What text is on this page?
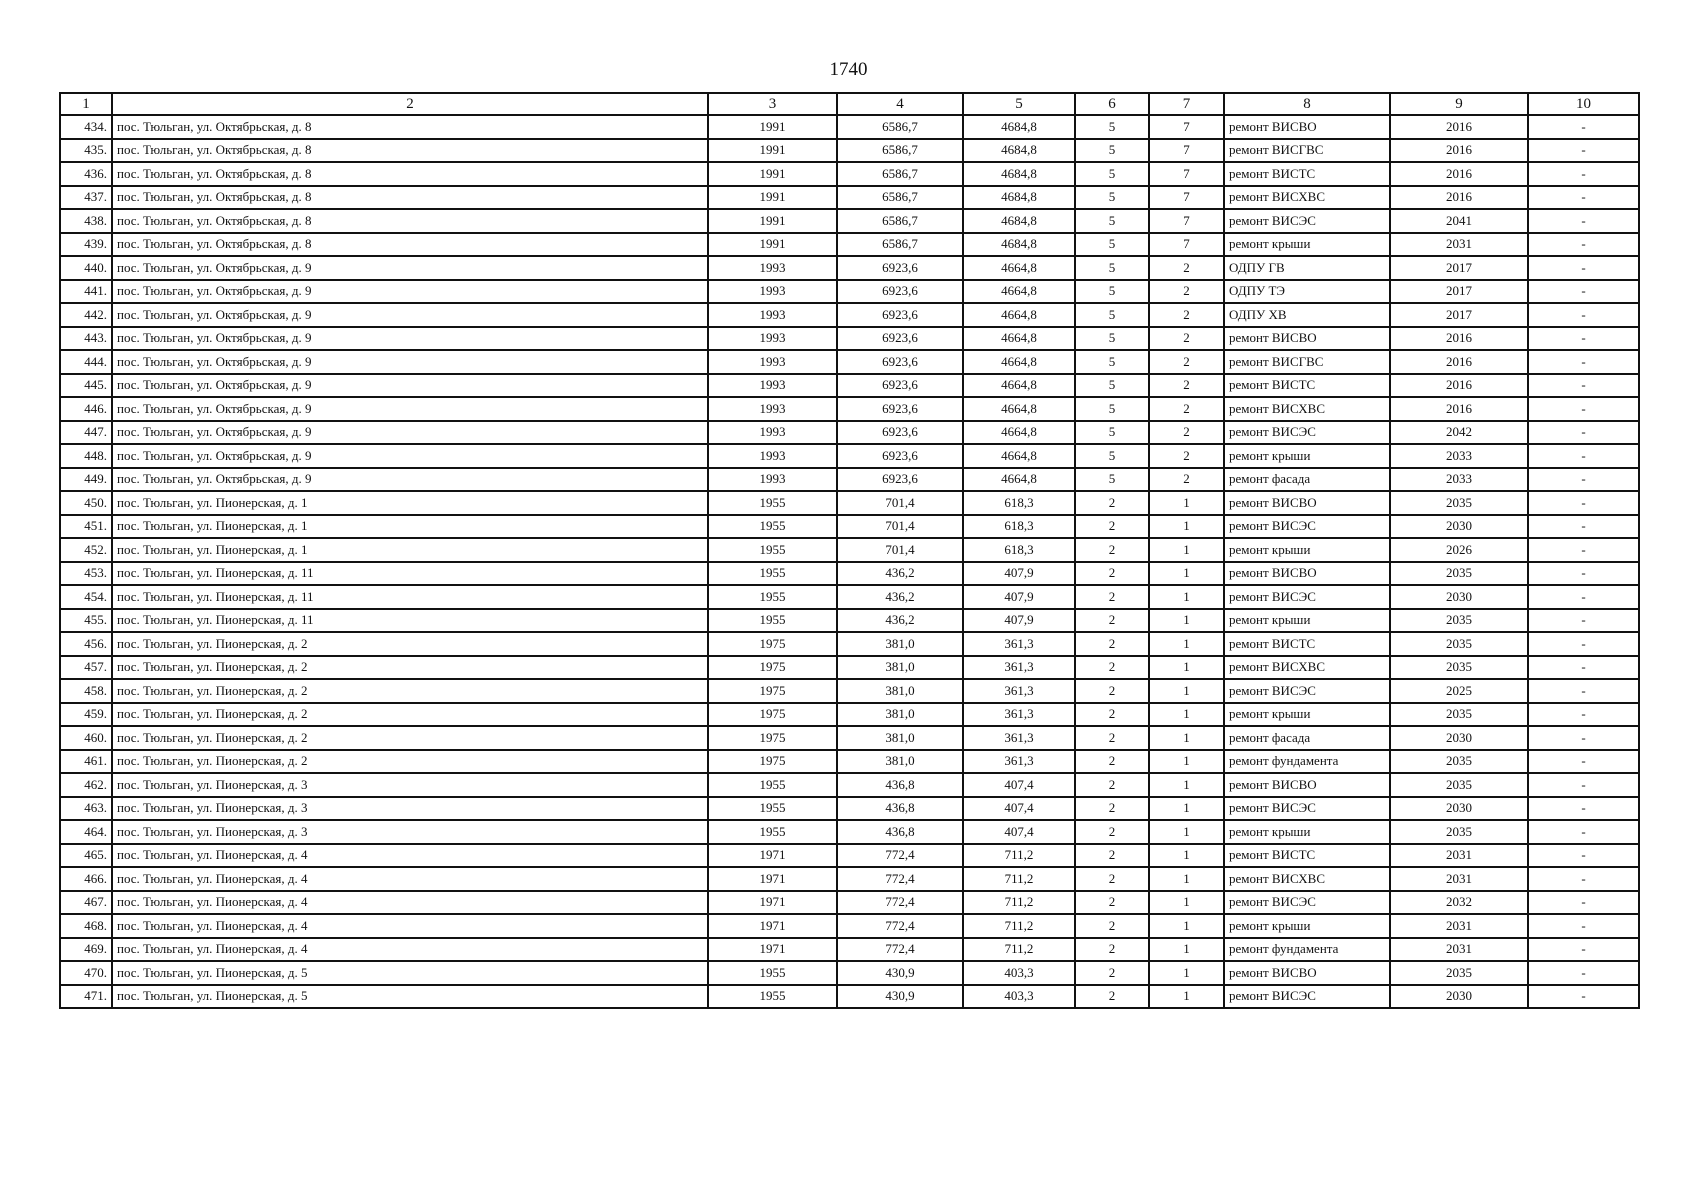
1740
1	2	3	4	5	6	7	8	9	10
434.	пос. Тюльган, ул. Октябрьская, д. 8	1991	6586,7	4684,8	5	7	ремонт ВИСВО	2016	-
435.	пос. Тюльган, ул. Октябрьская, д. 8	1991	6586,7	4684,8	5	7	ремонт ВИСГВС	2016	-
436.	пос. Тюльган, ул. Октябрьская, д. 8	1991	6586,7	4684,8	5	7	ремонт ВИСТС	2016	-
437.	пос. Тюльган, ул. Октябрьская, д. 8	1991	6586,7	4684,8	5	7	ремонт ВИСХВС	2016	-
438.	пос. Тюльган, ул. Октябрьская, д. 8	1991	6586,7	4684,8	5	7	ремонт ВИСЭС	2041	-
439.	пос. Тюльган, ул. Октябрьская, д. 8	1991	6586,7	4684,8	5	7	ремонт крыши	2031	-
440.	пос. Тюльган, ул. Октябрьская, д. 9	1993	6923,6	4664,8	5	2	ОДПУ ГВ	2017	-
441.	пос. Тюльган, ул. Октябрьская, д. 9	1993	6923,6	4664,8	5	2	ОДПУ ТЭ	2017	-
442.	пос. Тюльган, ул. Октябрьская, д. 9	1993	6923,6	4664,8	5	2	ОДПУ ХВ	2017	-
443.	пос. Тюльган, ул. Октябрьская, д. 9	1993	6923,6	4664,8	5	2	ремонт ВИСВО	2016	-
444.	пос. Тюльган, ул. Октябрьская, д. 9	1993	6923,6	4664,8	5	2	ремонт ВИСГВС	2016	-
445.	пос. Тюльган, ул. Октябрьская, д. 9	1993	6923,6	4664,8	5	2	ремонт ВИСТС	2016	-
446.	пос. Тюльган, ул. Октябрьская, д. 9	1993	6923,6	4664,8	5	2	ремонт ВИСХВС	2016	-
447.	пос. Тюльган, ул. Октябрьская, д. 9	1993	6923,6	4664,8	5	2	ремонт ВИСЭС	2042	-
448.	пос. Тюльган, ул. Октябрьская, д. 9	1993	6923,6	4664,8	5	2	ремонт крыши	2033	-
449.	пос. Тюльган, ул. Октябрьская, д. 9	1993	6923,6	4664,8	5	2	ремонт фасада	2033	-
450.	пос. Тюльган, ул. Пионерская, д. 1	1955	701,4	618,3	2	1	ремонт ВИСВО	2035	-
451.	пос. Тюльган, ул. Пионерская, д. 1	1955	701,4	618,3	2	1	ремонт ВИСЭС	2030	-
452.	пос. Тюльган, ул. Пионерская, д. 1	1955	701,4	618,3	2	1	ремонт крыши	2026	-
453.	пос. Тюльган, ул. Пионерская, д. 11	1955	436,2	407,9	2	1	ремонт ВИСВО	2035	-
454.	пос. Тюльган, ул. Пионерская, д. 11	1955	436,2	407,9	2	1	ремонт ВИСЭС	2030	-
455.	пос. Тюльган, ул. Пионерская, д. 11	1955	436,2	407,9	2	1	ремонт крыши	2035	-
456.	пос. Тюльган, ул. Пионерская, д. 2	1975	381,0	361,3	2	1	ремонт ВИСТС	2035	-
457.	пос. Тюльган, ул. Пионерская, д. 2	1975	381,0	361,3	2	1	ремонт ВИСХВС	2035	-
458.	пос. Тюльган, ул. Пионерская, д. 2	1975	381,0	361,3	2	1	ремонт ВИСЭС	2025	-
459.	пос. Тюльган, ул. Пионерская, д. 2	1975	381,0	361,3	2	1	ремонт крыши	2035	-
460.	пос. Тюльган, ул. Пионерская, д. 2	1975	381,0	361,3	2	1	ремонт фасада	2030	-
461.	пос. Тюльган, ул. Пионерская, д. 2	1975	381,0	361,3	2	1	ремонт фундамента	2035	-
462.	пос. Тюльган, ул. Пионерская, д. 3	1955	436,8	407,4	2	1	ремонт ВИСВО	2035	-
463.	пос. Тюльган, ул. Пионерская, д. 3	1955	436,8	407,4	2	1	ремонт ВИСЭС	2030	-
464.	пос. Тюльган, ул. Пионерская, д. 3	1955	436,8	407,4	2	1	ремонт крыши	2035	-
465.	пос. Тюльган, ул. Пионерская, д. 4	1971	772,4	711,2	2	1	ремонт ВИСТС	2031	-
466.	пос. Тюльган, ул. Пионерская, д. 4	1971	772,4	711,2	2	1	ремонт ВИСХВС	2031	-
467.	пос. Тюльган, ул. Пионерская, д. 4	1971	772,4	711,2	2	1	ремонт ВИСЭС	2032	-
468.	пос. Тюльган, ул. Пионерская, д. 4	1971	772,4	711,2	2	1	ремонт крыши	2031	-
469.	пос. Тюльган, ул. Пионерская, д. 4	1971	772,4	711,2	2	1	ремонт фундамента	2031	-
470.	пос. Тюльган, ул. Пионерская, д. 5	1955	430,9	403,3	2	1	ремонт ВИСВО	2035	-
471.	пос. Тюльган, ул. Пионерская, д. 5	1955	430,9	403,3	2	1	ремонт ВИСЭС	2030	-
